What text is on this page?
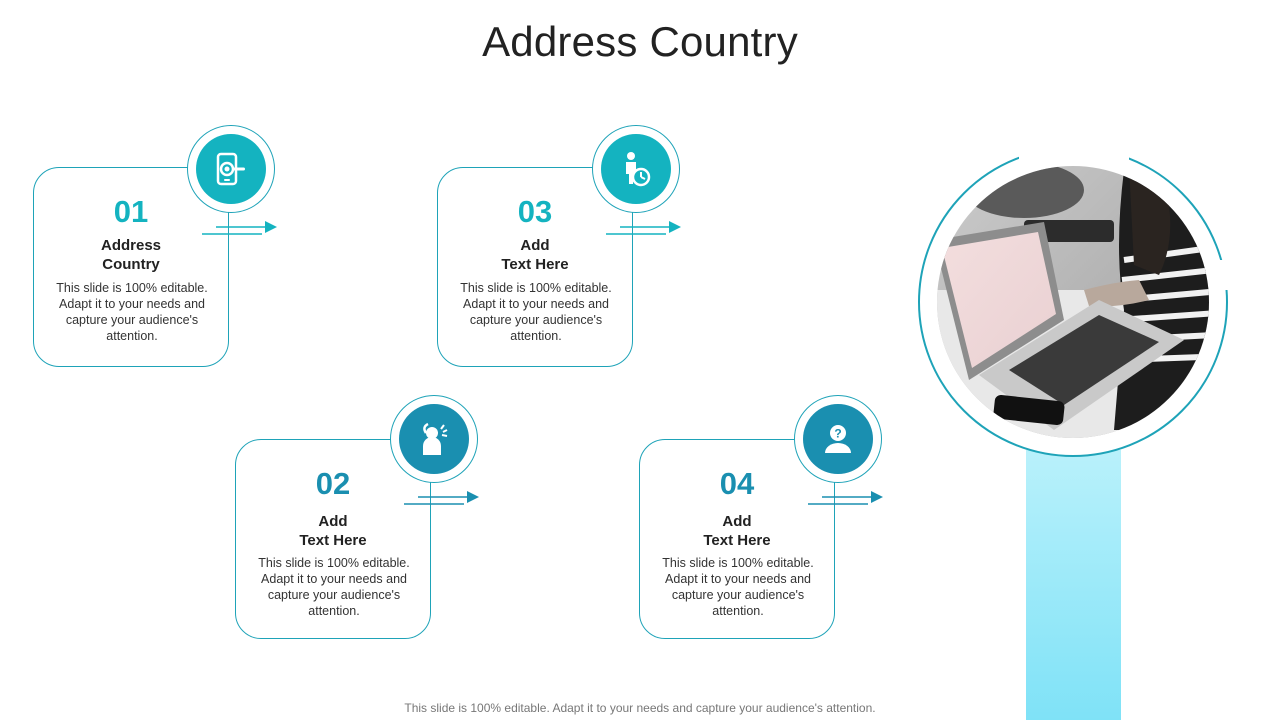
Address Country
01
Address
Country
This slide is 100% editable. Adapt it to your needs and capture your audience's attention.
03
Add
Text Here
This slide is 100% editable. Adapt it to your needs and capture your audience's attention.
02
Add
Text Here
This slide is 100% editable. Adapt it to your needs and capture your audience's attention.
04
Add
Text Here
This slide is 100% editable. Adapt it to your needs and capture your audience's attention.
?
This slide is 100% editable. Adapt it to your needs and capture your audience's attention.
